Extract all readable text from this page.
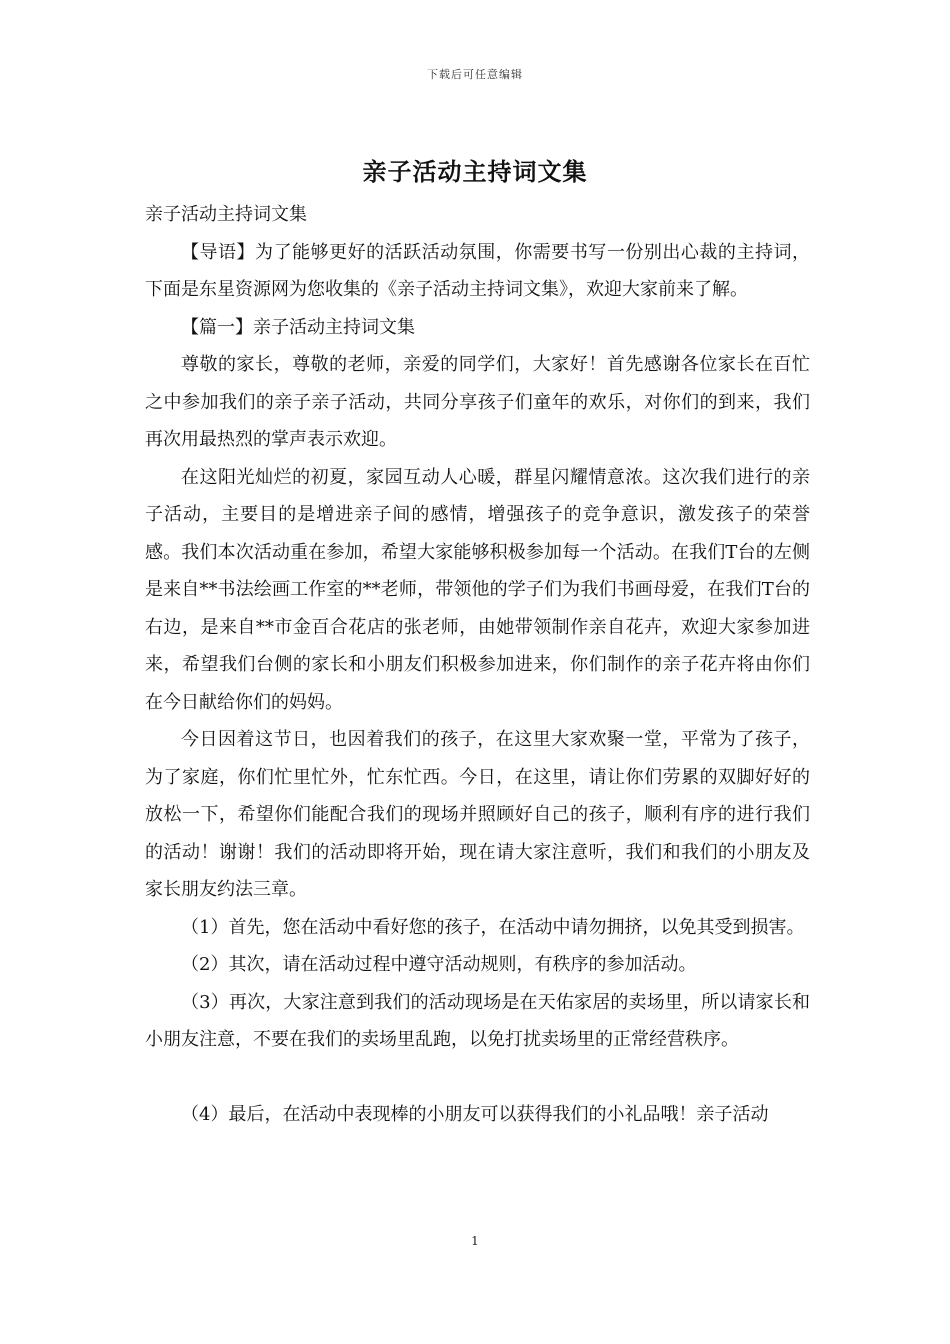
下载后可任意编辑
亲子活动主持词文集

亲子活动主持词文集

【导语】为了能够更好的活跃活动氛围，你需要书写一份别出心裁的主持词，下面是东星资源网为您收集的《亲子活动主持词文集》，欢迎大家前来了解。

【篇一】亲子活动主持词文集

尊敬的家长，尊敬的老师，亲爱的同学们，大家好！首先感谢各位家长在百忙之中参加我们的亲子亲子活动，共同分享孩子们童年的欢乐，对你们的到来，我们再次用最热烈的掌声表示欢迎。

在这阳光灿烂的初夏，家园互动人心暖，群星闪耀情意浓。这次我们进行的亲子活动，主要目的是增进亲子间的感情，增强孩子的竞争意识，激发孩子的荣誉感。我们本次活动重在参加，希望大家能够积极参加每一个活动。在我们T台的左侧是来自**书法绘画工作室的**老师，带领他的学子们为我们书画母爱，在我们T台的右边，是来自**市金百合花店的张老师，由她带领制作亲自花卉，欢迎大家参加进来，希望我们台侧的家长和小朋友们积极参加进来，你们制作的亲子花卉将由你们在今日献给你们的妈妈。

今日因着这节日，也因着我们的孩子，在这里大家欢聚一堂，平常为了孩子，为了家庭，你们忙里忙外，忙东忙西。今日，在这里，请让你们劳累的双脚好好的放松一下，希望你们能配合我们的现场并照顾好自己的孩子，顺利有序的进行我们的活动！谢谢！我们的活动即将开始，现在请大家注意听，我们和我们的小朋友及家长朋友约法三章。

（1）首先，您在活动中看好您的孩子，在活动中请勿拥挤，以免其受到损害。

（2）其次，请在活动过程中遵守活动规则，有秩序的参加活动。

（3）再次，大家注意到我们的活动现场是在天佑家居的卖场里，所以请家长和小朋友注意，不要在我们的卖场里乱跑，以免打扰卖场里的正常经营秩序。

（4）最后，在活动中表现棒的小朋友可以获得我们的小礼品哦！亲子活动

1
